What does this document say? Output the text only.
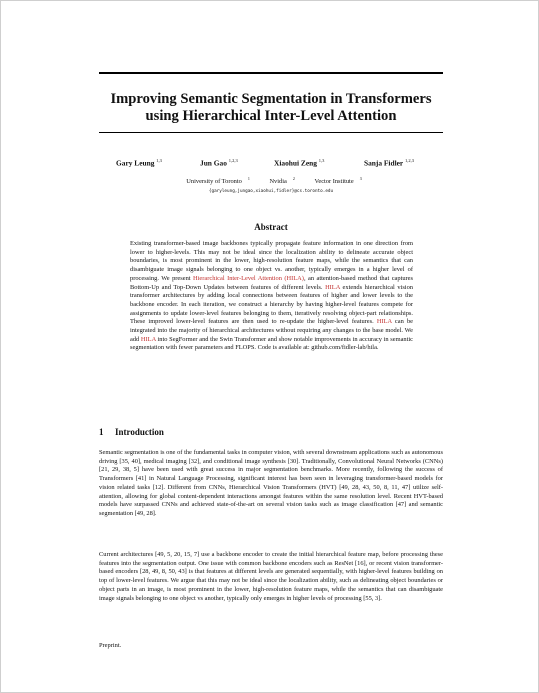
Improving Semantic Segmentation in Transformers
using Hierarchical Inter-Level Attention
Gary Leung $^{1,3}$	Jun Gao $^{1,2,3}$	Xiaohui Zeng $^{1,3}$	Sanja Fidler $^{1,2,3}$
University of Toronto $^1$	Nvidia $^2$	Vector Institute $^3$
{garyleung,jungao,xiaohui,fidler}@cs.toronto.edu
Abstract
Existing transformer-based image backbones typically propagate feature information in one direction from lower to higher-levels. This may not be ideal since the localization ability to delineate accurate object boundaries, is most prominent in the lower, high-resolution feature maps, while the semantics that can disambiguate image signals belonging to one object vs. another, typically emerges in a higher level of processing. We present Hierarchical Inter-Level Attention (HILA), an attention-based method that captures Bottom-Up and Top-Down Updates between features of different levels. HILA extends hierarchical vision transformer architectures by adding local connections between features of higher and lower levels to the backbone encoder. In each iteration, we construct a hierarchy by having higher-level features compete for assignments to update lower-level features belonging to them, iteratively resolving object-part relationships. These improved lower-level features are then used to re-update the higher-level features. HILA can be integrated into the majority of hierarchical architectures without requiring any changes to the base model. We add HILA into SegFormer and the Swin Transformer and show notable improvements in accuracy in semantic segmentation with fewer parameters and FLOPS. Code is available at: github.com/fidler-lab/hila.
1 Introduction
Semantic segmentation is one of the fundamental tasks in computer vision, with several downstream applications such as autonomous driving [35, 40], medical imaging [32], and conditional image synthesis [30]. Traditionally, Convolutional Neural Networks (CNNs) [21, 29, 38, 5] have been used with great success in major segmentation benchmarks. More recently, following the success of Transformers [41] in Natural Language Processing, significant interest has been seen in leveraging transformer-based models for vision related tasks [12]. Different from CNNs, Hierarchical Vision Transformers (HVT) [49, 28, 43, 50, 8, 11, 47] utilize self-attention, allowing for global content-dependent interactions amongst features within the same resolution level. Recent HVT-based models have surpassed CNNs and achieved state-of-the-art on several vision tasks such as image classification [47] and semantic segmentation [49, 28].
Current architectures [49, 5, 20, 15, 7] use a backbone encoder to create the initial hierarchical feature map, before processing these features into the segmentation output. One issue with common backbone encoders such as ResNet [16], or recent vision transformer-based encoders [28, 49, 8, 50, 43] is that features at different levels are generated sequentially, with higher-level features building on top of lower-level features. We argue that this may not be ideal since the localization ability, such as delineating object boundaries or object parts in an image, is most prominent in the lower, high-resolution feature maps, while the semantics that can disambiguate image signals belonging to one object vs another, typically only emerges in higher levels of processing [55, 3].
Preprint.
